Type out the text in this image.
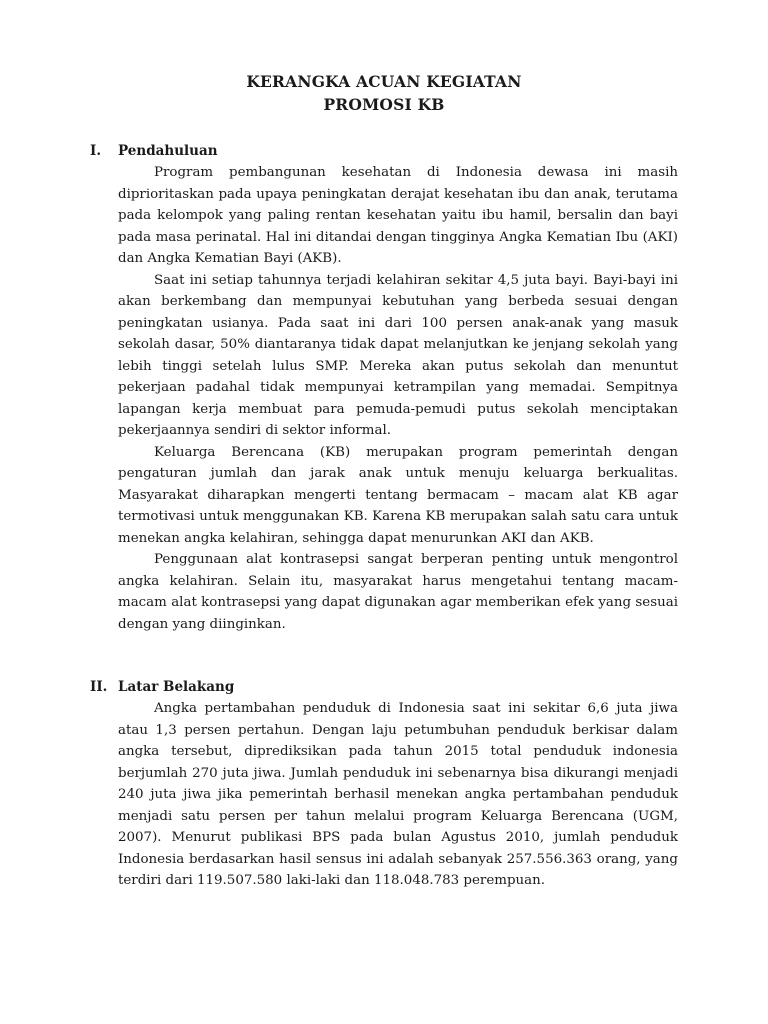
KERANGKA ACUAN KEGIATAN
PROMOSI KB
I.	Pendahuluan

Program pembangunan kesehatan di Indonesia dewasa ini masih diprioritaskan pada upaya peningkatan derajat kesehatan ibu dan anak, terutama pada kelompok yang paling rentan kesehatan yaitu ibu hamil, bersalin dan bayi pada masa perinatal. Hal ini ditandai dengan tingginya Angka Kematian Ibu (AKI) dan Angka Kematian Bayi (AKB).

Saat ini setiap tahunnya terjadi kelahiran sekitar 4,5 juta bayi. Bayi-bayi ini akan berkembang dan mempunyai kebutuhan yang berbeda sesuai dengan peningkatan usianya. Pada saat ini dari 100 persen anak-anak yang masuk sekolah dasar, 50% diantaranya tidak dapat melanjutkan ke jenjang sekolah yang lebih tinggi setelah lulus SMP. Mereka akan putus sekolah dan menuntut pekerjaan padahal tidak mempunyai ketrampilan yang memadai. Sempitnya lapangan kerja membuat para pemuda-pemudi putus sekolah menciptakan pekerjaannya sendiri di sektor informal.

Keluarga Berencana (KB) merupakan program pemerintah dengan pengaturan jumlah dan jarak anak untuk menuju keluarga berkualitas. Masyarakat diharapkan mengerti tentang bermacam – macam alat KB agar termotivasi untuk menggunakan KB. Karena KB merupakan salah satu cara untuk menekan angka kelahiran, sehingga dapat menurunkan AKI dan AKB.

Penggunaan alat kontrasepsi sangat berperan penting untuk mengontrol angka kelahiran. Selain itu, masyarakat harus mengetahui tentang macam-macam alat kontrasepsi yang dapat digunakan agar memberikan efek yang sesuai dengan yang diinginkan.

II. Latar Belakang

Angka pertambahan penduduk di Indonesia saat ini sekitar 6,6 juta jiwa atau 1,3 persen pertahun. Dengan laju petumbuhan penduduk berkisar dalam angka tersebut, diprediksikan pada tahun 2015 total penduduk indonesia berjumlah 270 juta jiwa. Jumlah penduduk ini sebenarnya bisa dikurangi menjadi 240 juta jiwa jika pemerintah berhasil menekan angka pertambahan penduduk menjadi satu persen per tahun melalui program Keluarga Berencana (UGM, 2007). Menurut publikasi BPS pada bulan Agustus 2010, jumlah penduduk Indonesia berdasarkan hasil sensus ini adalah sebanyak 257.556.363 orang, yang terdiri dari 119.507.580 laki-laki dan 118.048.783 perempuan.
